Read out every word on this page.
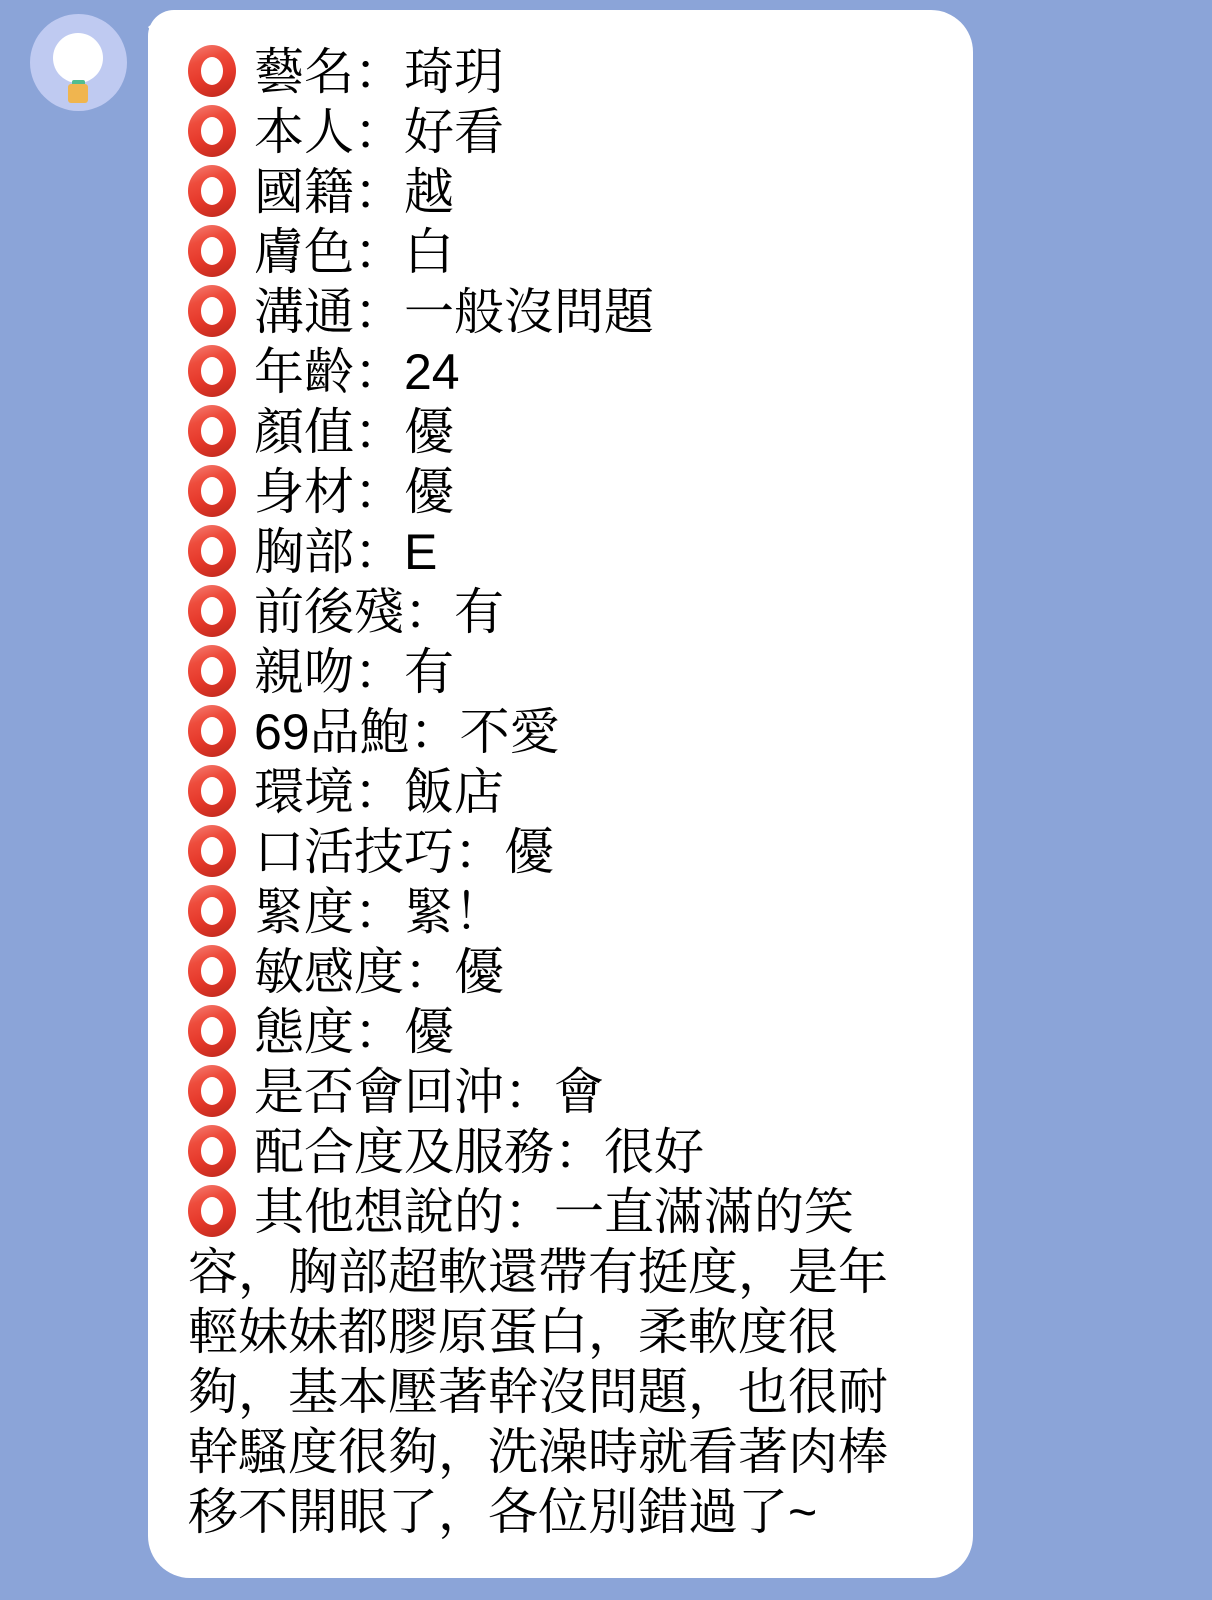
藝名：琦玥
本人：好看
國籍：越
膚色：白
溝通：一般沒問題
年齡：24
顏值：優
身材：優
胸部：E
前後殘：有
親吻：有
69品鮑：不愛
環境：飯店
口活技巧：優
緊度：緊！
敏感度：優
態度：優
是否會回沖：會
配合度及服務：很好
其他想說的：一直滿滿的笑容，胸部超軟還帶有挺度，是年輕妹妹都膠原蛋白，柔軟度很夠，基本壓著幹沒問題，也很耐幹騷度很夠，洗澡時就看著肉棒移不開眼了，各位別錯過了~
